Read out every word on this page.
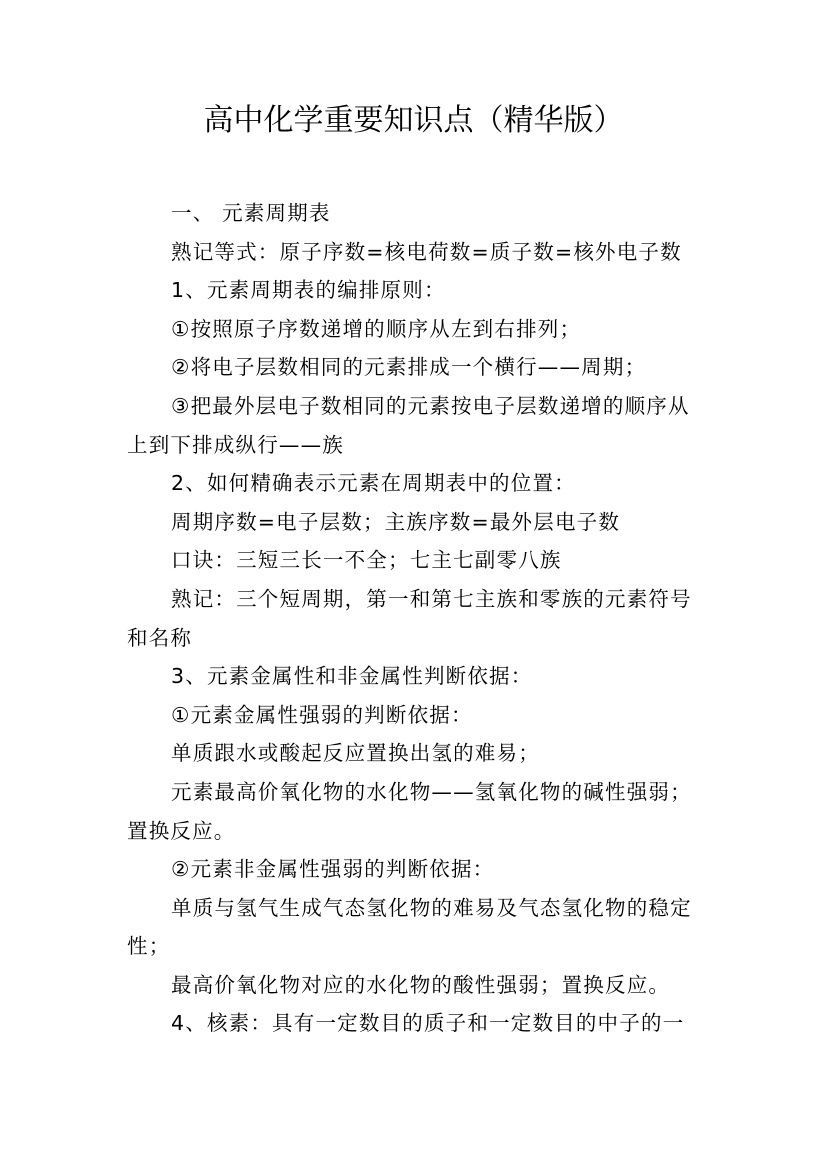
高中化学重要知识点（精华版）

一、 元素周期表

熟记等式：原子序数=核电荷数=质子数=核外电子数

1、元素周期表的编排原则：

①按照原子序数递增的顺序从左到右排列；

②将电子层数相同的元素排成一个横行——周期；

③把最外层电子数相同的元素按电子层数递增的顺序从上到下排成纵行——族

2、如何精确表示元素在周期表中的位置：

周期序数=电子层数；主族序数=最外层电子数

口诀：三短三长一不全；七主七副零八族

熟记：三个短周期，第一和第七主族和零族的元素符号和名称

3、元素金属性和非金属性判断依据：

①元素金属性强弱的判断依据：

单质跟水或酸起反应置换出氢的难易；

元素最高价氧化物的水化物——氢氧化物的碱性强弱；置换反应。

②元素非金属性强弱的判断依据：

单质与氢气生成气态氢化物的难易及气态氢化物的稳定性；

最高价氧化物对应的水化物的酸性强弱；置换反应。

4、核素：具有一定数目的质子和一定数目的中子的一
